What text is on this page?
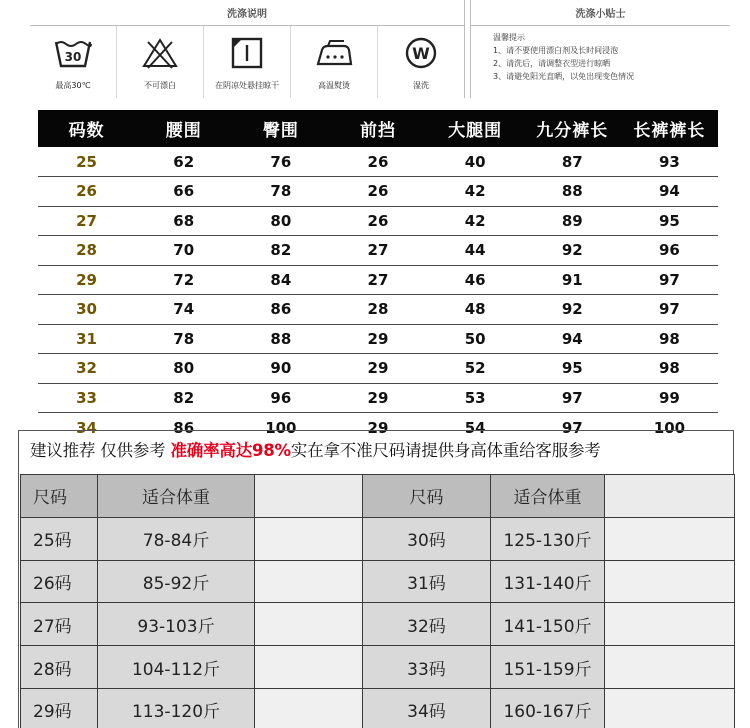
洗涤说明	洗涤小贴士
30
最高30℃	不可漂白	在阴凉处悬挂晾干	高温熨烫
W
湿洗
温馨提示
1、请不要使用漂白剂及长时间浸泡
2、请洗后，请调整衣型进行晾晒
3、请避免阳光直晒，以免出现变色情况
码数	腰围	臀围	前挡	大腿围	九分裤长	长裤裤长
25	62	76	26	40	87	93
26	66	78	26	42	88	94
27	68	80	26	42	89	95
28	70	82	27	44	92	96
29	72	84	27	46	91	97
30	74	86	28	48	92	97
31	78	88	29	50	94	98
32	80	90	29	52	95	98
33	82	96	29	53	97	99
34	86	100	29	54	97	100
建议推荐 仅供参考 准确率高达98%实在拿不准尺码请提供身高体重给客服参考
尺码	适合体重	
25码	78-84斤	
26码	85-92斤	
27码	93-103斤	
28码	104-112斤	
29码	113-120斤	
尺码	适合体重	
30码	125-130斤	
31码	131-140斤	
32码	141-150斤	
33码	151-159斤	
34码	160-167斤	
